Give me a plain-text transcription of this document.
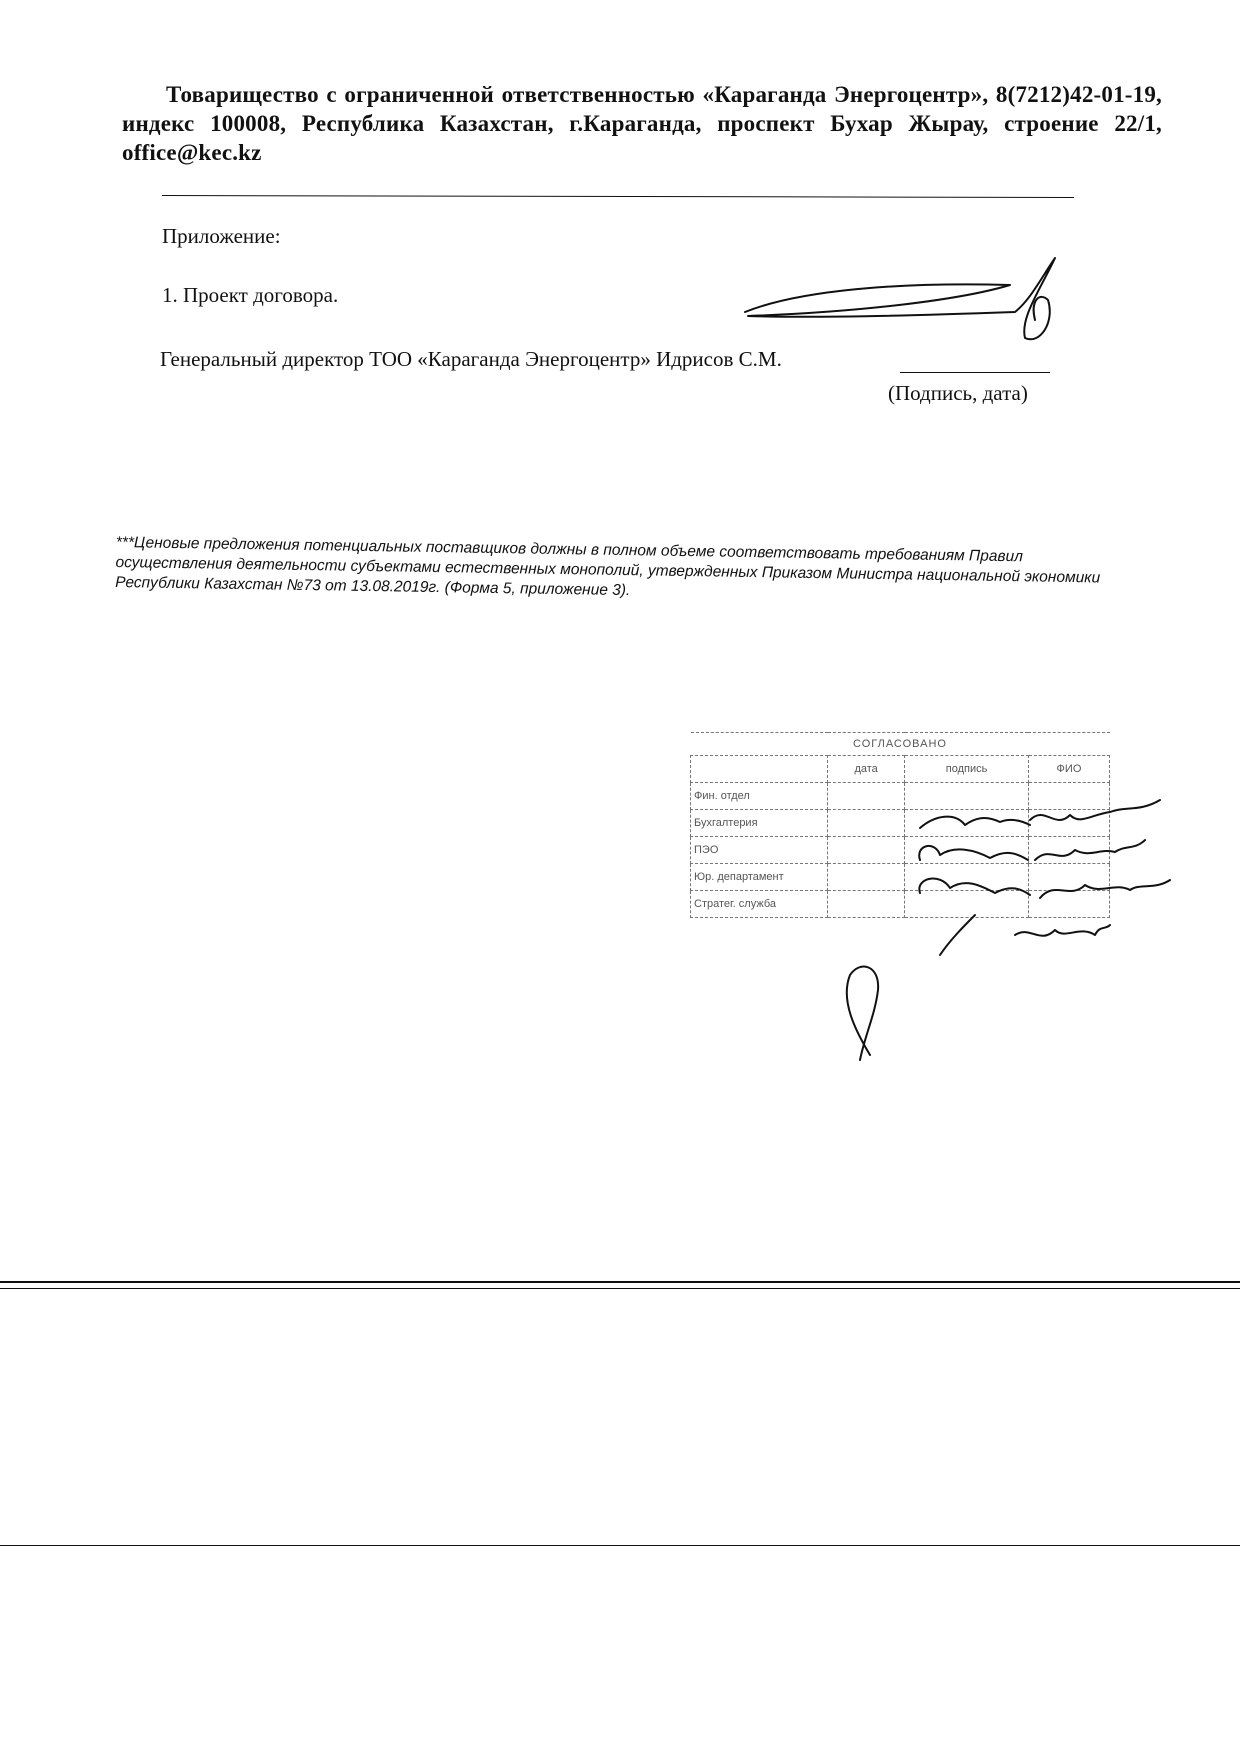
Товарищество с ограниченной ответственностью «Караганда Энергоцентр», 8(7212)42-01-19, индекс 100008, Республика Казахстан, г.Караганда, проспект Бухар Жырау, строение 22/1, office@kec.kz
Приложение:
1. Проект договора.
Генеральный директор ТОО «Караганда Энергоцентр» Идрисов С.М.
(Подпись, дата)
***Ценовые предложения потенциальных поставщиков должны в полном объеме соответствовать требованиям Правил осуществления деятельности субъектами естественных монополий, утвержденных Приказом Министра национальной экономики Республики Казахстан №73 от 13.08.2019г. (Форма 5, приложение 3).
СОГЛАСОВАНО			
	дата	подпись	ФИО
Фин. отдел			
Бухгалтерия			
ПЭО			
Юр. департамент			
Стратег. служба			
